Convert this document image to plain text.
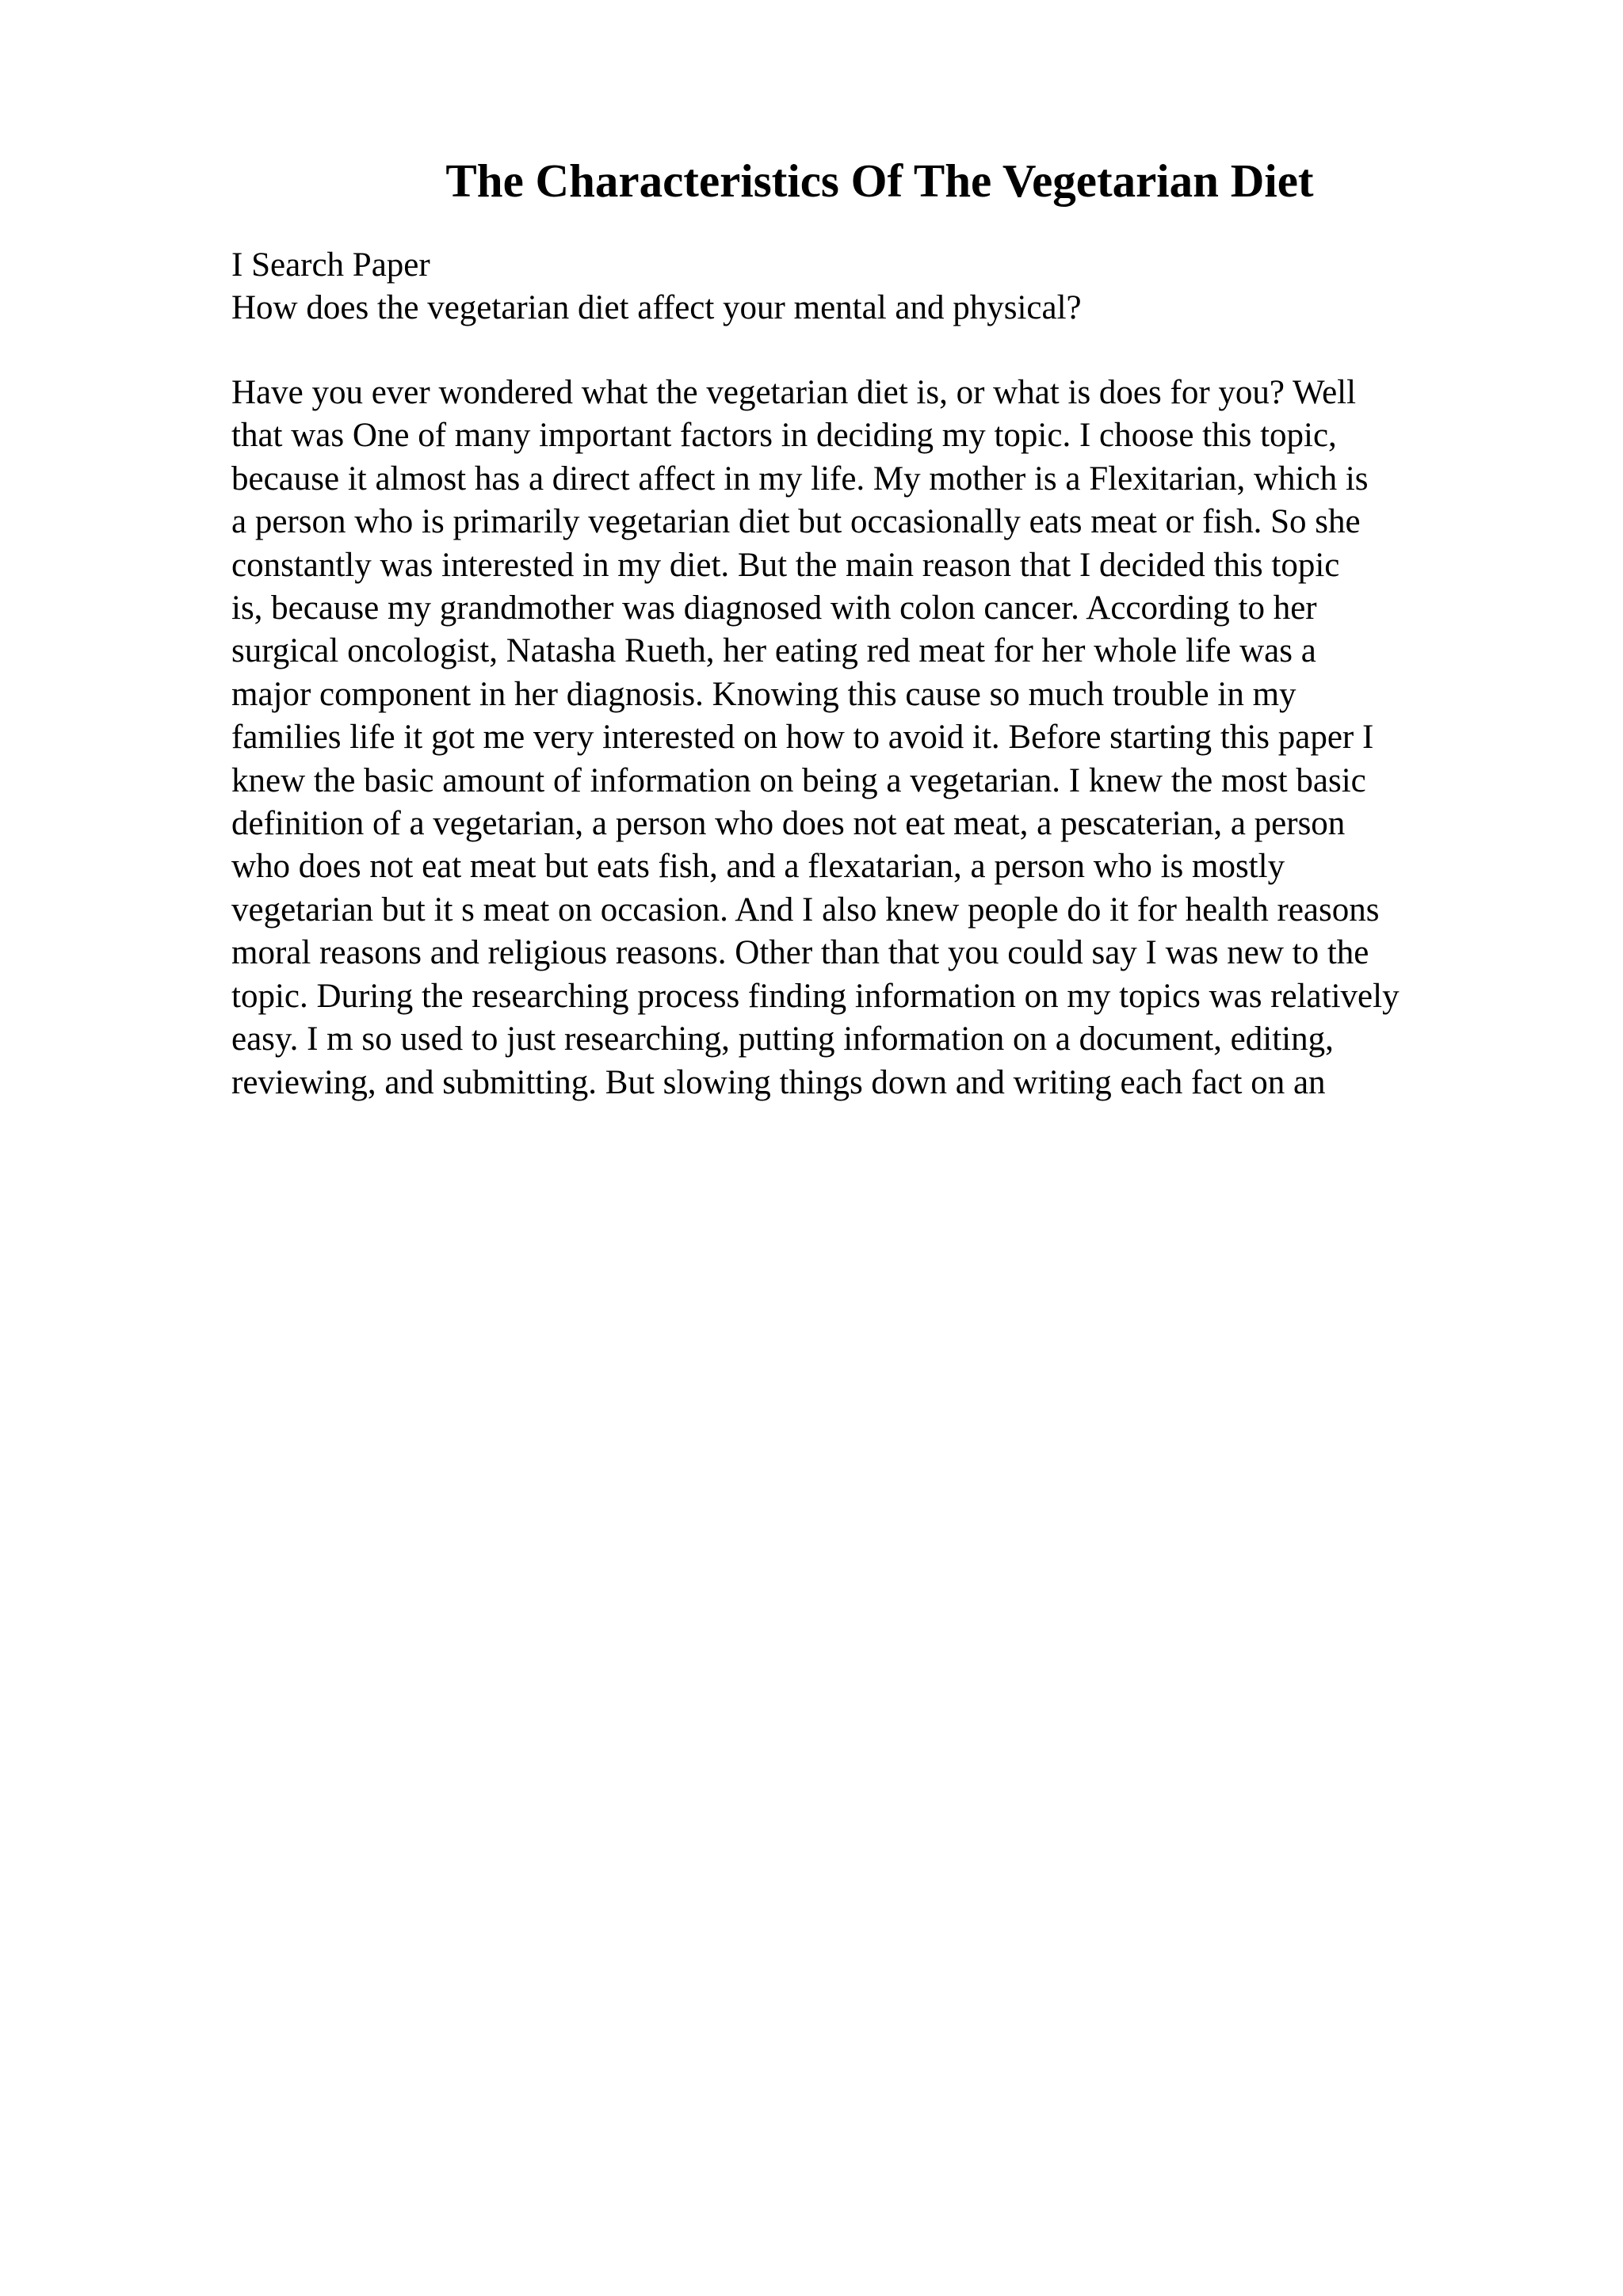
The Characteristics Of The Vegetarian Diet
I Search Paper
How does the vegetarian diet affect your mental and physical?
Have you ever wondered what the vegetarian diet is, or what is does for you? Well
that was One of many important factors in deciding my topic. I choose this topic,
because it almost has a direct affect in my life. My mother is a Flexitarian, which is
a person who is primarily vegetarian diet but occasionally eats meat or fish. So she
constantly was interested in my diet. But the main reason that I decided this topic
is, because my grandmother was diagnosed with colon cancer. According to her
surgical oncologist, Natasha Rueth, her eating red meat for her whole life was a
major component in her diagnosis. Knowing this cause so much trouble in my
families life it got me very interested on how to avoid it. Before starting this paper I
knew the basic amount of information on being a vegetarian. I knew the most basic
definition of a vegetarian, a person who does not eat meat, a pescaterian, a person
who does not eat meat but eats fish, and a flexatarian, a person who is mostly
vegetarian but it s meat on occasion. And I also knew people do it for health reasons
moral reasons and religious reasons. Other than that you could say I was new to the
topic. During the researching process finding information on my topics was relatively
easy. I m so used to just researching, putting information on a document, editing,
reviewing, and submitting. But slowing things down and writing each fact on an
